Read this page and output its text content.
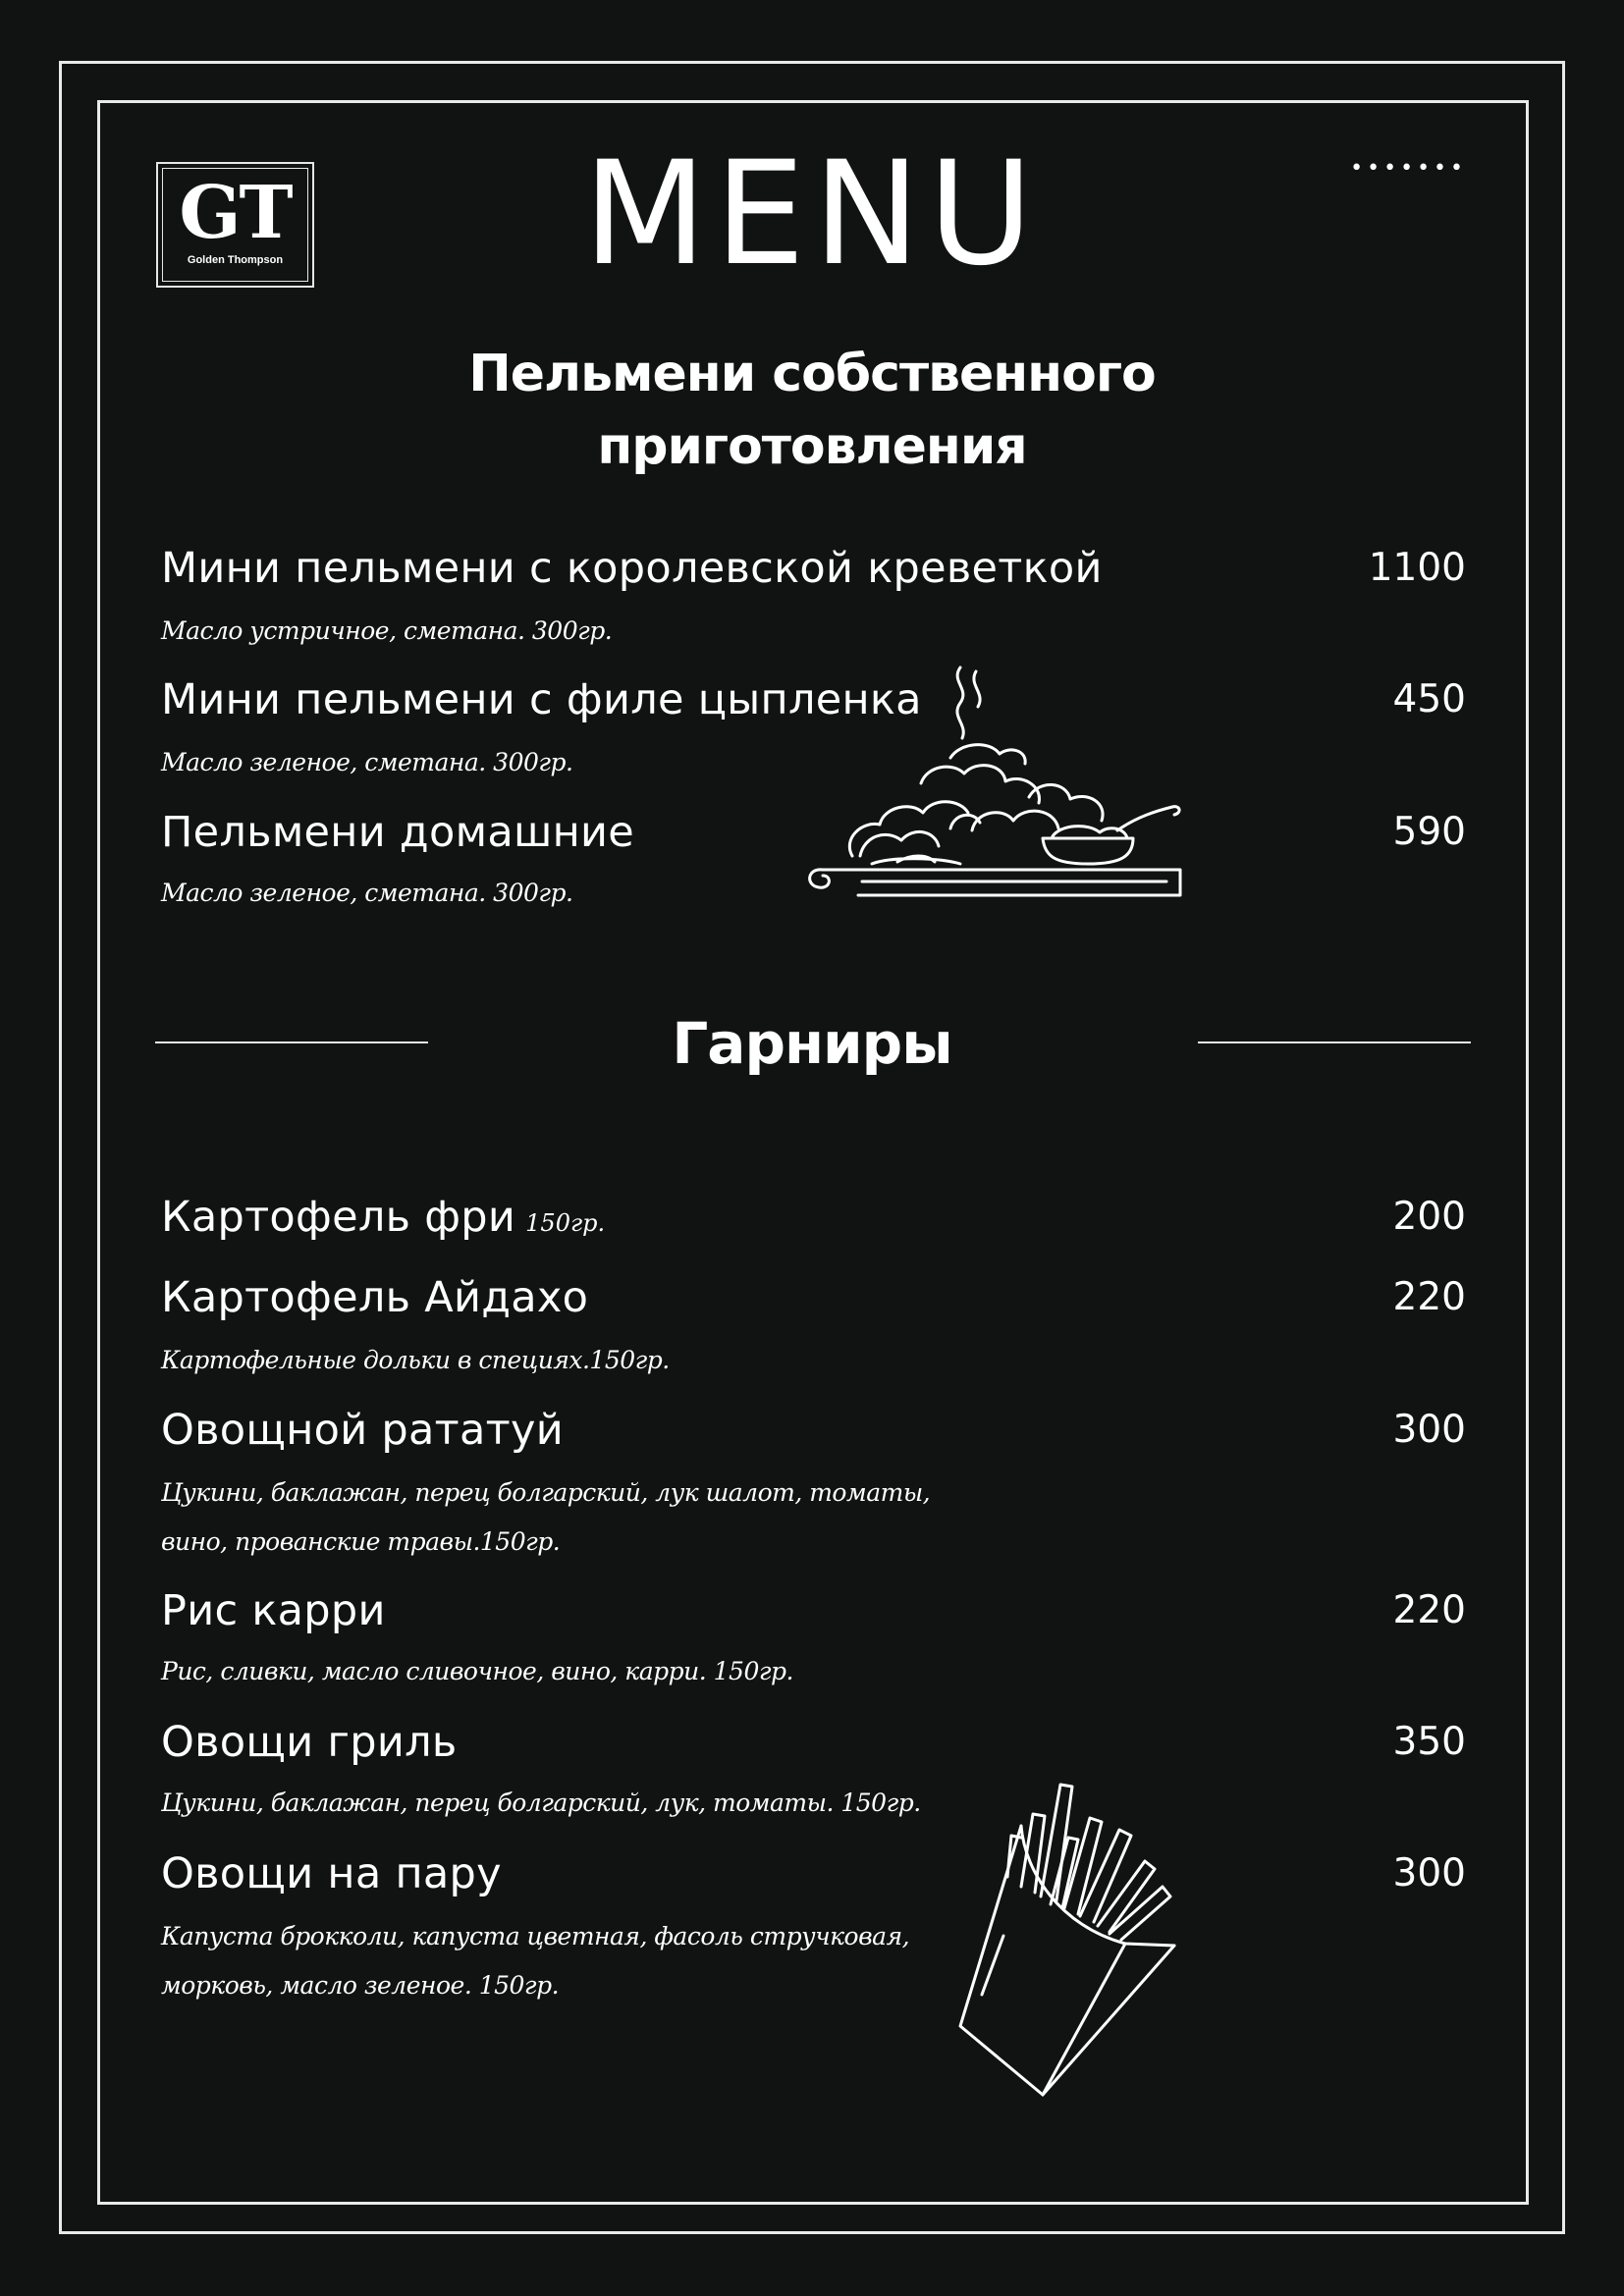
GT
Golden Thompson
•••••••
MENU
Пельмени собственного
приготовления
Мини пельмени с королевской креветкой	1100
Масло устричное, сметана. 300гр.
Мини пельмени с филе цыпленка	450
Масло зеленое, сметана. 300гр.
Пельмени домашние	590
Масло зеленое, сметана. 300гр.
Гарниры
Картофель фри 150гр.	200
Картофель Айдахо	220
Картофельные дольки в специях.150гр.
Овощной рататуй	300
Цукини, баклажан, перец болгарский, лук шалот, томаты,
вино, прованские травы.150гр.
Рис карри	220
Рис, сливки, масло сливочное, вино, карри. 150гр.
Овощи гриль	350
Цукини, баклажан, перец болгарский, лук, томаты. 150гр.
Овощи на пару	300
Капуста брокколи, капуста цветная, фасоль стручковая,
морковь, масло зеленое. 150гр.
